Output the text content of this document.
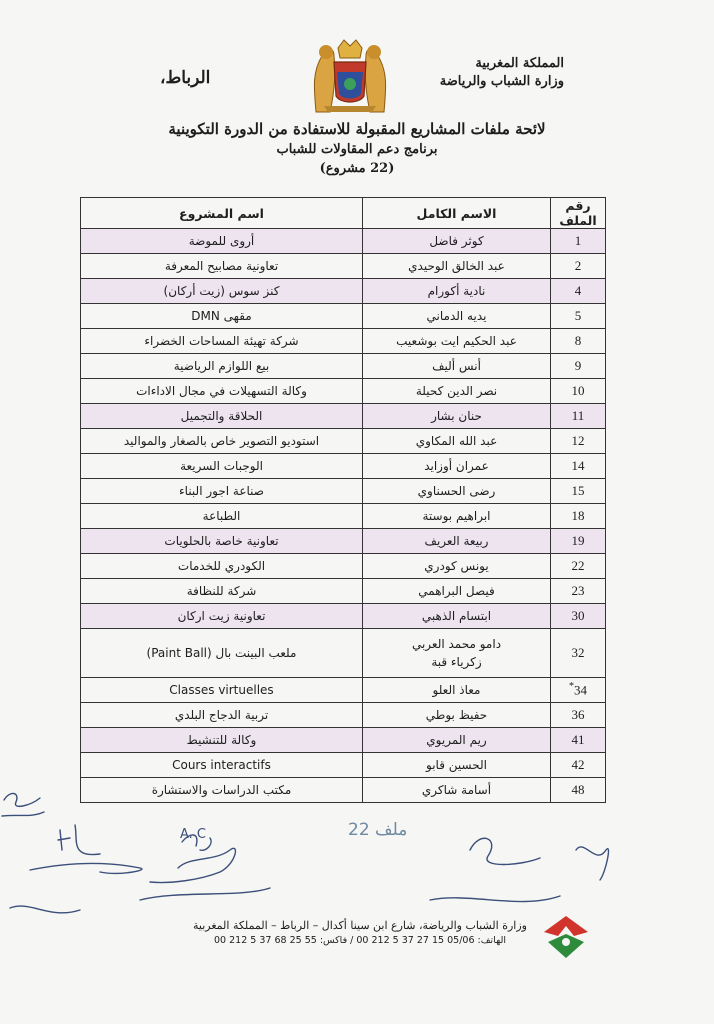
المملكة المغربية
وزارة الشباب والرياضة
الرباط،
لائحة ملفات المشاريع المقبولة للاستفادة من الدورة التكوينية
برنامج دعم المقاولات للشباب
(22 مشروع)
رقم الملف	الاسم الكامل	اسم المشروع
1	كوثر فاضل	أروى للموضة
2	عبد الخالق الوحيدي	تعاونية مصابيح المعرفة
4	نادية أكورام	كنز سوس (زيت أركان)
5	يديه الدماني	مقهى DMN
8	عبد الحكيم ايت بوشعيب	شركة تهيئة المساحات الخضراء
9	أنس أليف	بيع اللوازم الرياضية
10	نصر الدين كحيلة	وكالة التسهيلات في مجال الاداءات
11	حنان بشار	الحلاقة والتجميل
12	عبد الله المكاوي	استوديو التصوير خاص بالصغار والمواليد
14	عمران أوزايد	الوجبات السريعة
15	رضى الحسناوي	صناعة اجور البناء
18	ابراهيم بوستة	الطباعة
19	ربيعة العريف	تعاونية خاصة بالحلويات
22	يونس كودري	الكودري للخدمات
23	فيصل البراهمي	شركة للنظافة
30	ابتسام الذهبي	تعاونية زيت اركان
32	دامو محمد العربي
زكرياء قبة	ملعب البينت بال (Paint Ball)
34*	معاذ العلو	Classes virtuelles
36	حفيظ بوطي	تربية الدجاج البلدي
41	ريم المريوي	وكالة للتنشيط
42	الحسين قابو	Cours interactifs
48	أسامة شاكري	مكتب الدراسات والاستشارة
A. C	ملف 22
وزارة الشباب والرياضة، شارع ابن سينا أكدال – الرباط – المملكة المغربية
الهاتف: 05/06 15 27 37 5 212 00 / فاكس: 55 25 68 37 5 212 00
